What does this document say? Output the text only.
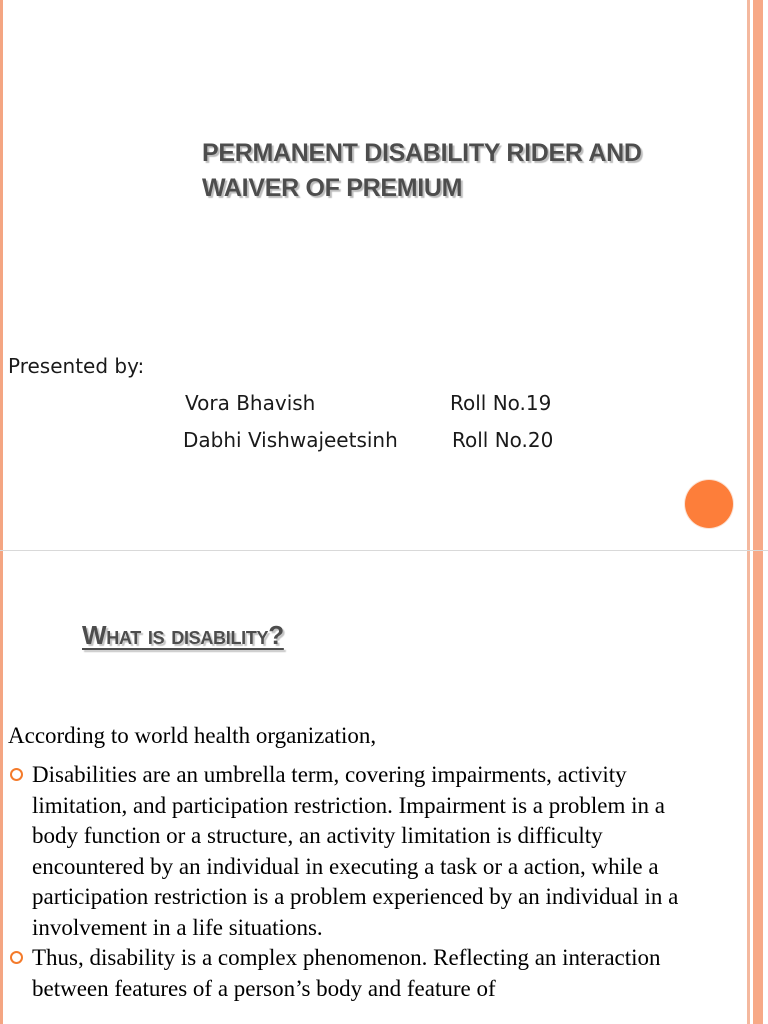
PERMANENT DISABILITY RIDER AND
WAIVER OF PREMIUM
Presented by:
Vora Bhavish	Roll No.19
Dabhi Vishwajeetsinh	Roll No.20
What is disability?
According to world health organization,
Disabilities are an umbrella term, covering impairments, activity limitation, and participation restriction. Impairment is a problem in a body function or a structure, an activity limitation is difficulty encountered by an individual in executing a task or a action, while a participation restriction is a problem experienced by an individual in a involvement in a life situations.
Thus, disability is a complex phenomenon. Reflecting an interaction between features of a person’s body and feature of
